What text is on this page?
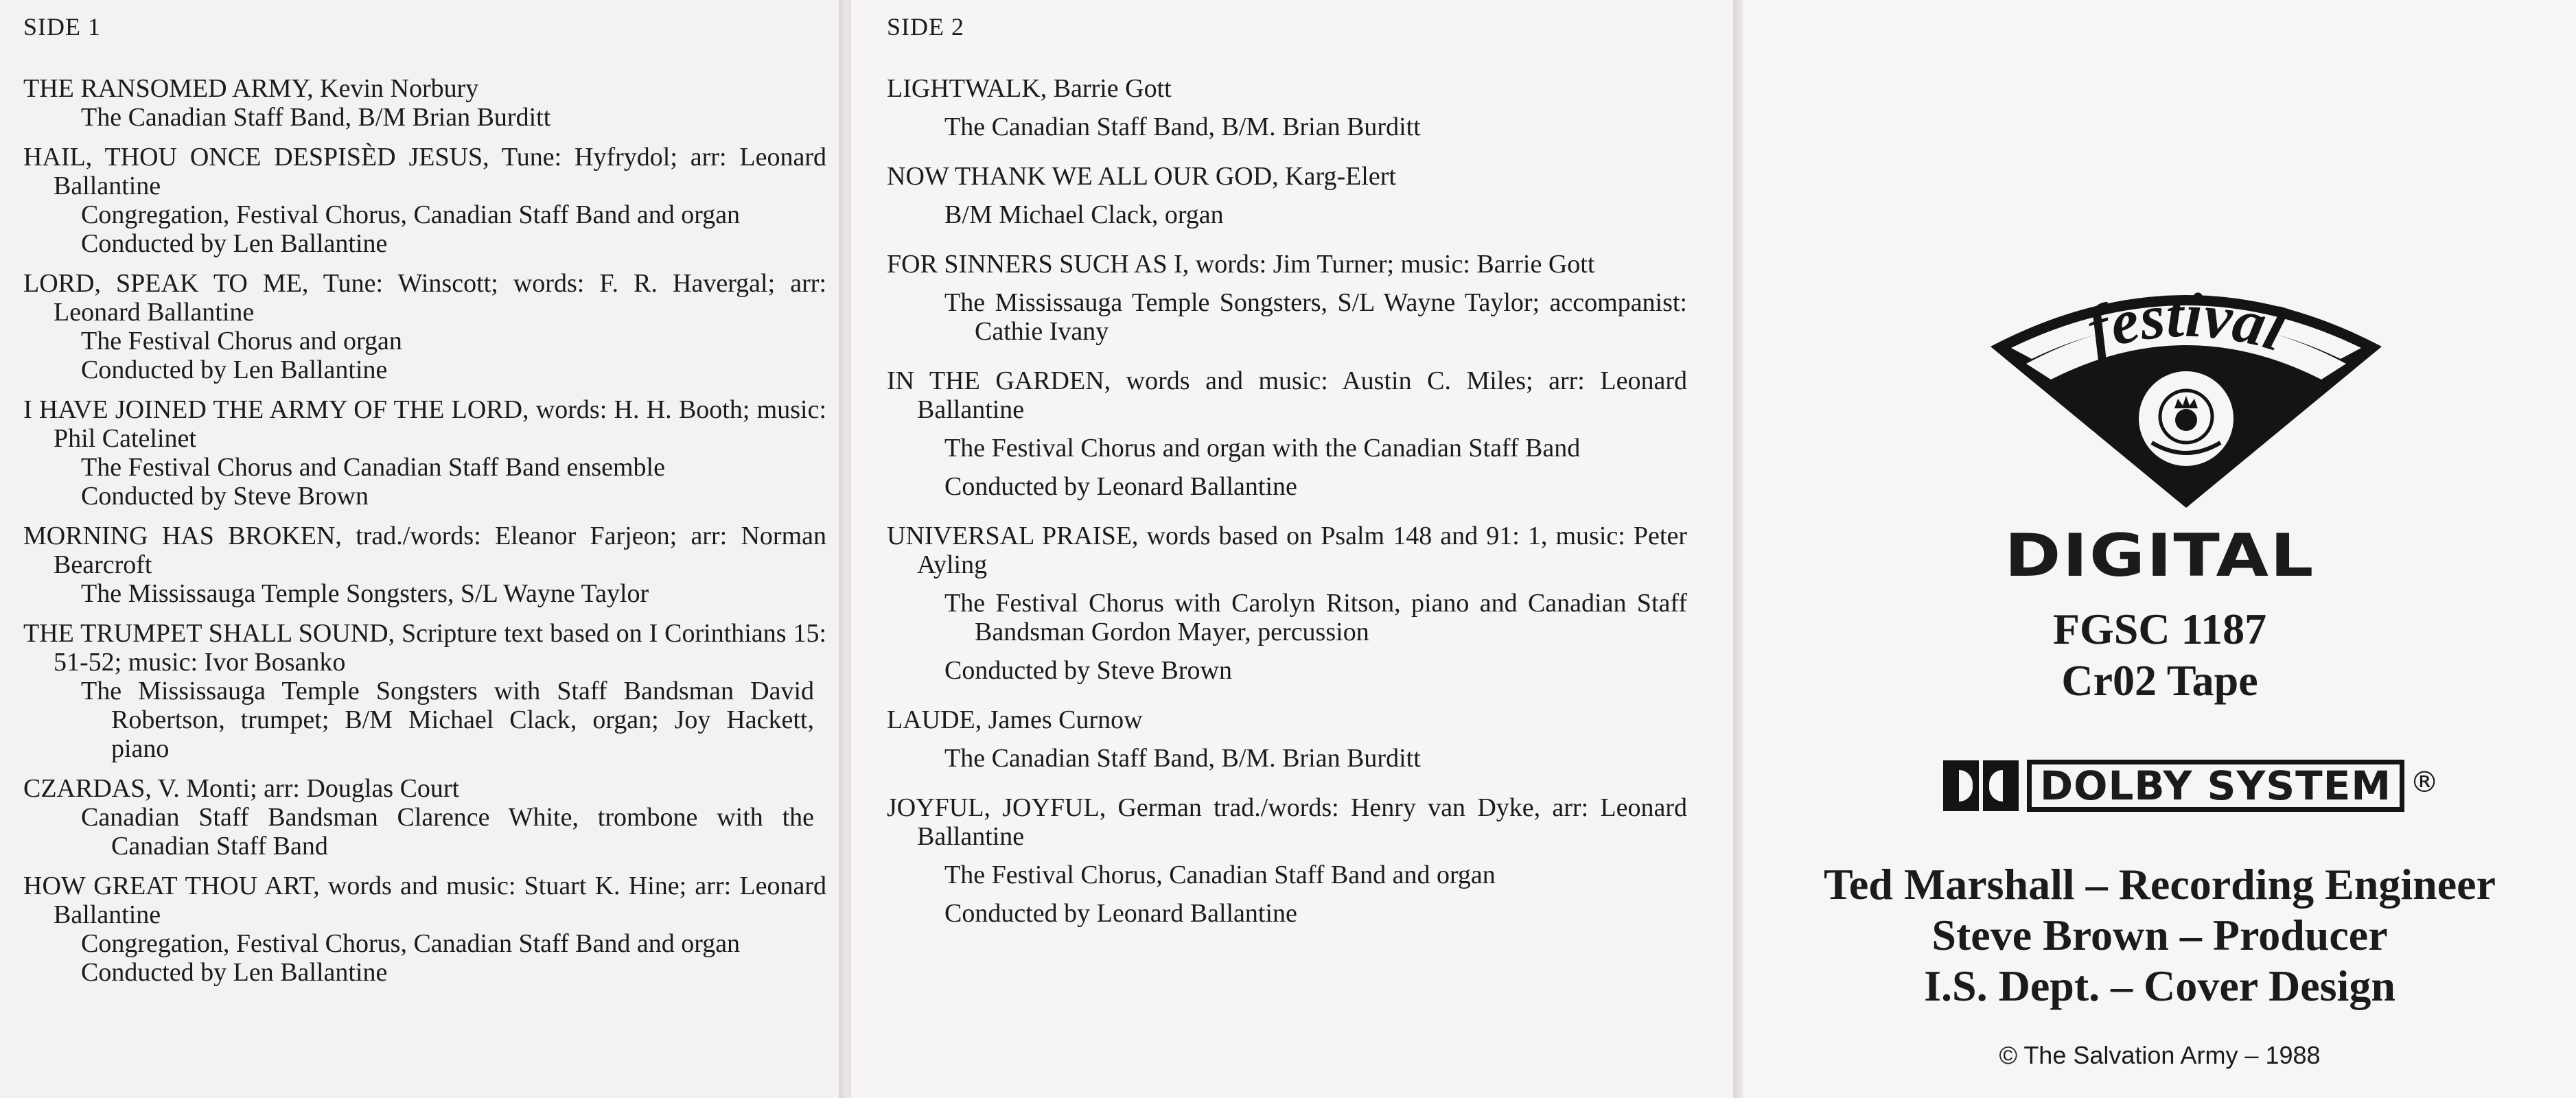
SIDE 1
THE RANSOMED ARMY, Kevin Norbury
The Canadian Staff Band, B/M Brian Burditt
HAIL, THOU ONCE DESPISÈD JESUS, Tune: Hyfrydol; arr: Leonard Ballantine
Congregation, Festival Chorus, Canadian Staff Band and organ
Conducted by Len Ballantine
LORD, SPEAK TO ME, Tune: Winscott; words: F. R. Havergal; arr: Leonard Ballantine
The Festival Chorus and organ
Conducted by Len Ballantine
I HAVE JOINED THE ARMY OF THE LORD, words: H. H. Booth; music: Phil Catelinet
The Festival Chorus and Canadian Staff Band ensemble
Conducted by Steve Brown
MORNING HAS BROKEN, trad./words: Eleanor Farjeon; arr: Norman Bearcroft
The Mississauga Temple Songsters, S/L Wayne Taylor
THE TRUMPET SHALL SOUND, Scripture text based on I Corinthians 15: 51-52; music: Ivor Bosanko
The Mississauga Temple Songsters with Staff Bandsman David Robertson, trumpet; B/M Michael Clack, organ; Joy Hackett, piano
CZARDAS, V. Monti; arr: Douglas Court
Canadian Staff Bandsman Clarence White, trombone with the Canadian Staff Band
HOW GREAT THOU ART, words and music: Stuart K. Hine; arr: Leonard Ballantine
Congregation, Festival Chorus, Canadian Staff Band and organ
Conducted by Len Ballantine
SIDE 2
LIGHTWALK, Barrie Gott
The Canadian Staff Band, B/M. Brian Burditt
NOW THANK WE ALL OUR GOD, Karg-Elert
B/M Michael Clack, organ
FOR SINNERS SUCH AS I, words: Jim Turner; music: Barrie Gott
The Mississauga Temple Songsters, S/L Wayne Taylor; accompanist: Cathie Ivany
IN THE GARDEN, words and music: Austin C. Miles; arr: Leonard Ballantine
The Festival Chorus and organ with the Canadian Staff Band
Conducted by Leonard Ballantine
UNIVERSAL PRAISE, words based on Psalm 148 and 91: 1, music: Peter Ayling
The Festival Chorus with Carolyn Ritson, piano and Canadian Staff Bandsman Gordon Mayer, percussion
Conducted by Steve Brown
LAUDE, James Curnow
The Canadian Staff Band, B/M. Brian Burditt
JOYFUL, JOYFUL, German trad./words: Henry van Dyke, arr: Leonard Ballantine
The Festival Chorus, Canadian Staff Band and organ
Conducted by Leonard Ballantine
festival
DIGITAL
FGSC 1187
Cr02 Tape
DOLBY SYSTEM ®
Ted Marshall – Recording Engineer
Steve Brown – Producer
I.S. Dept. – Cover Design
© The Salvation Army – 1988
